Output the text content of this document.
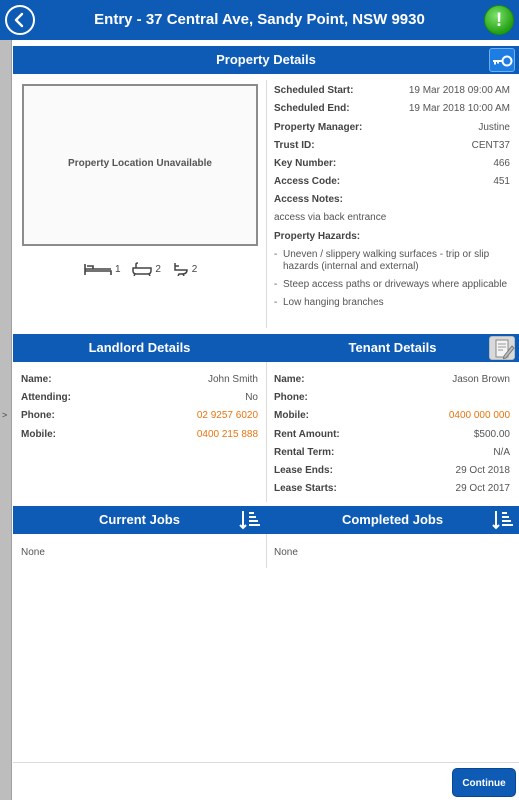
Entry - 37 Central Ave, Sandy Point, NSW 9930	!
>
Property Details
Property Location Unavailable
1
	2
	2
Scheduled Start:	19 Mar 2018 09:00 AM
Scheduled End:	19 Mar 2018 10:00 AM
Property Manager:	Justine
Trust ID:	CENT37
Key Number:	466
Access Code:	451
Access Notes:
access via back entrance
Property Hazards:
- Uneven / slippery walking surfaces - trip or slip hazards (internal and external)
- Steep access paths or driveways where applicable
- Low hanging branches
Landlord Details	Tenant Details
Name:	John Smith
Attending:	No
Phone:	02 9257 6020
Mobile:	0400 215 888
Name:	Jason Brown
Phone:
Mobile:	0400 000 000
Rent Amount:	$500.00
Rental Term:	N/A
Lease Ends:	29 Oct 2018
Lease Starts:	29 Oct 2017
Current Jobs	Completed Jobs
None	None
Continue
